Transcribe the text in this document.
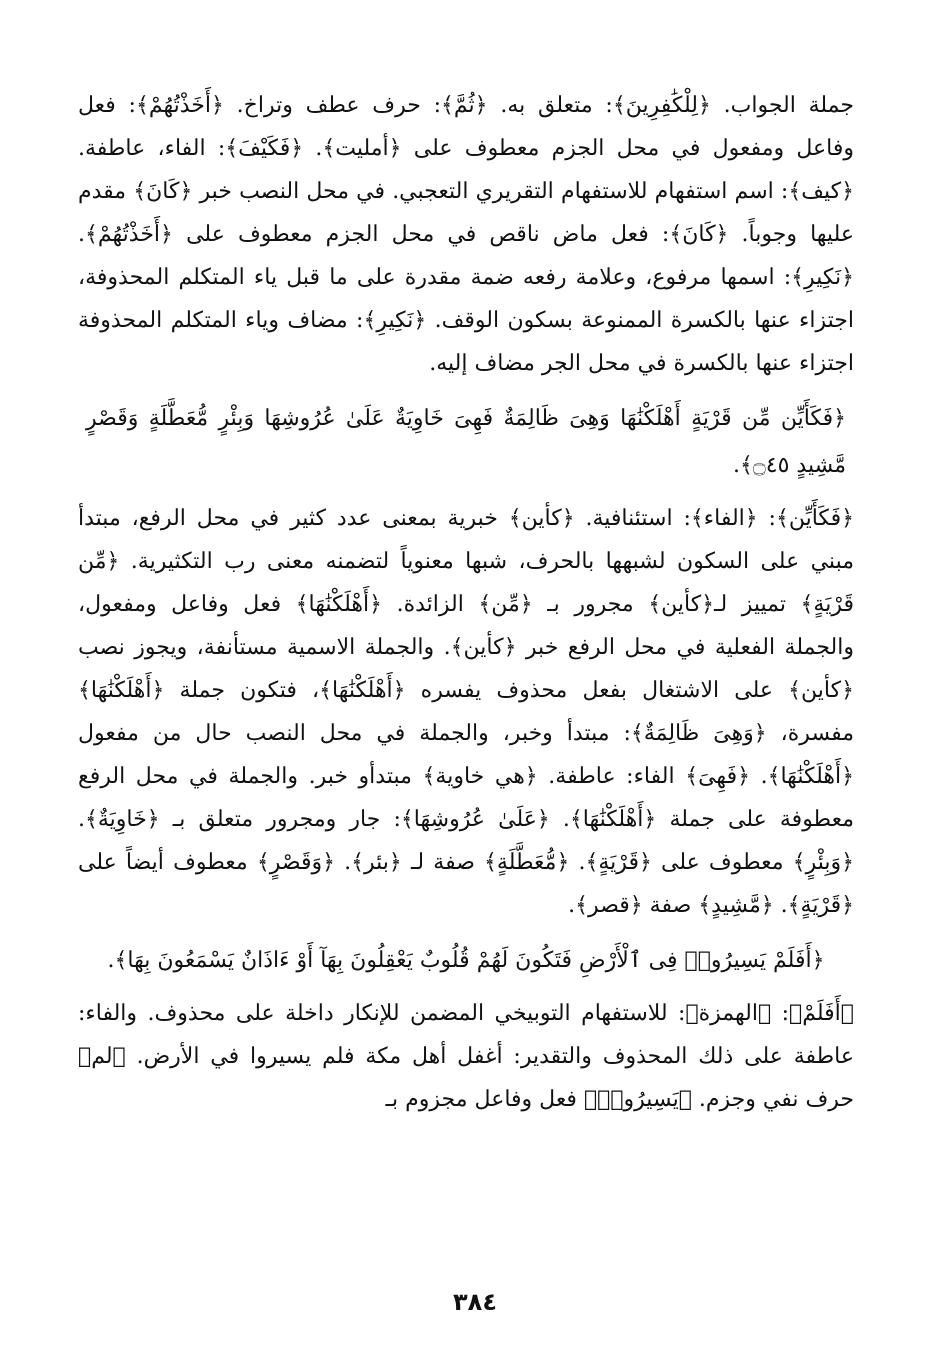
جملة الجواب. ﴿لِلْكَٰفِرِينَ﴾: متعلق به. ﴿ثُمَّ﴾: حرف عطف وتراخ. ﴿أَخَذْتُهُمْ﴾: فعل وفاعل ومفعول في محل الجزم معطوف على ﴿أمليت﴾. ﴿فَكَيْفَ﴾: الفاء، عاطفة. ﴿كيف﴾: اسم استفهام للاستفهام التقريري التعجبي. في محل النصب خبر ﴿كَانَ﴾ مقدم عليها وجوباً. ﴿كَانَ﴾: فعل ماض ناقص في محل الجزم معطوف على ﴿أَخَذْتُهُمْ﴾. ﴿نَكِيرِ﴾: اسمها مرفوع، وعلامة رفعه ضمة مقدرة على ما قبل ياء المتكلم المحذوفة، اجتزاء عنها بالكسرة الممنوعة بسكون الوقف. ﴿نَكِيرِ﴾: مضاف وياء المتكلم المحذوفة اجتزاء عنها بالكسرة في محل الجر مضاف إليه.

﴿فَكَأَيِّن مِّن قَرْيَةٍ أَهْلَكْنَٰهَا وَهِىَ ظَالِمَةٌ فَهِىَ خَاوِيَةٌ عَلَىٰ عُرُوشِهَا وَبِئْرٍ مُّعَطَّلَةٍ وَقَصْرٍ مَّشِيدٍ ۝٤٥﴾.

﴿فَكَأَيِّن﴾: ﴿الفاء﴾: استئنافية. ﴿كأين﴾ خبرية بمعنى عدد كثير في محل الرفع، مبتدأ مبني على السكون لشبهها بالحرف، شبها معنوياً لتضمنه معنى رب التكثيرية. ﴿مِّن قَرْيَةٍ﴾ تمييز لـ﴿كأين﴾ مجرور بـ ﴿مِّن﴾ الزائدة. ﴿أَهْلَكْنَٰهَا﴾ فعل وفاعل ومفعول، والجملة الفعلية في محل الرفع خبر ﴿كأين﴾. والجملة الاسمية مستأنفة، ويجوز نصب ﴿كأين﴾ على الاشتغال بفعل محذوف يفسره ﴿أَهْلَكْنَٰهَا﴾، فتكون جملة ﴿أَهْلَكْنَٰهَا﴾ مفسرة، ﴿وَهِىَ ظَالِمَةٌ﴾: مبتدأ وخبر، والجملة في محل النصب حال من مفعول ﴿أَهْلَكْنَٰهَا﴾. ﴿فَهِىَ﴾ الفاء: عاطفة. ﴿هي خاوية﴾ مبتدأو خبر. والجملة في محل الرفع معطوفة على جملة ﴿أَهْلَكْنَٰهَا﴾. ﴿عَلَىٰ عُرُوشِهَا﴾: جار ومجرور متعلق بـ ﴿خَاوِيَةٌ﴾. ﴿وَبِئْرٍ﴾ معطوف على ﴿قَرْيَةٍ﴾. ﴿مُّعَطَّلَةٍ﴾ صفة لـ ﴿بئر﴾. ﴿وَقَصْرٍ﴾ معطوف أيضاً على ﴿قَرْيَةٍ﴾. ﴿مَّشِيدٍ﴾ صفة ﴿قصر﴾.

﴿أَفَلَمْ يَسِيرُوا۟ فِى ٱلْأَرْضِ فَتَكُونَ لَهُمْ قُلُوبٌ يَعْقِلُونَ بِهَآ أَوْ ءَاذَانٌ يَسْمَعُونَ بِهَا﴾.

﴿أَفَلَمْ﴾: ﴿الهمزة﴾: للاستفهام التوبيخي المضمن للإنكار داخلة على محذوف. والفاء: عاطفة على ذلك المحذوف والتقدير: أغفل أهل مكة فلم يسيروا في الأرض. ﴿لم﴾ حرف نفي وجزم. ﴿يَسِيرُوا۟﴾ فعل وفاعل مجزوم بـ

٣٨٤
